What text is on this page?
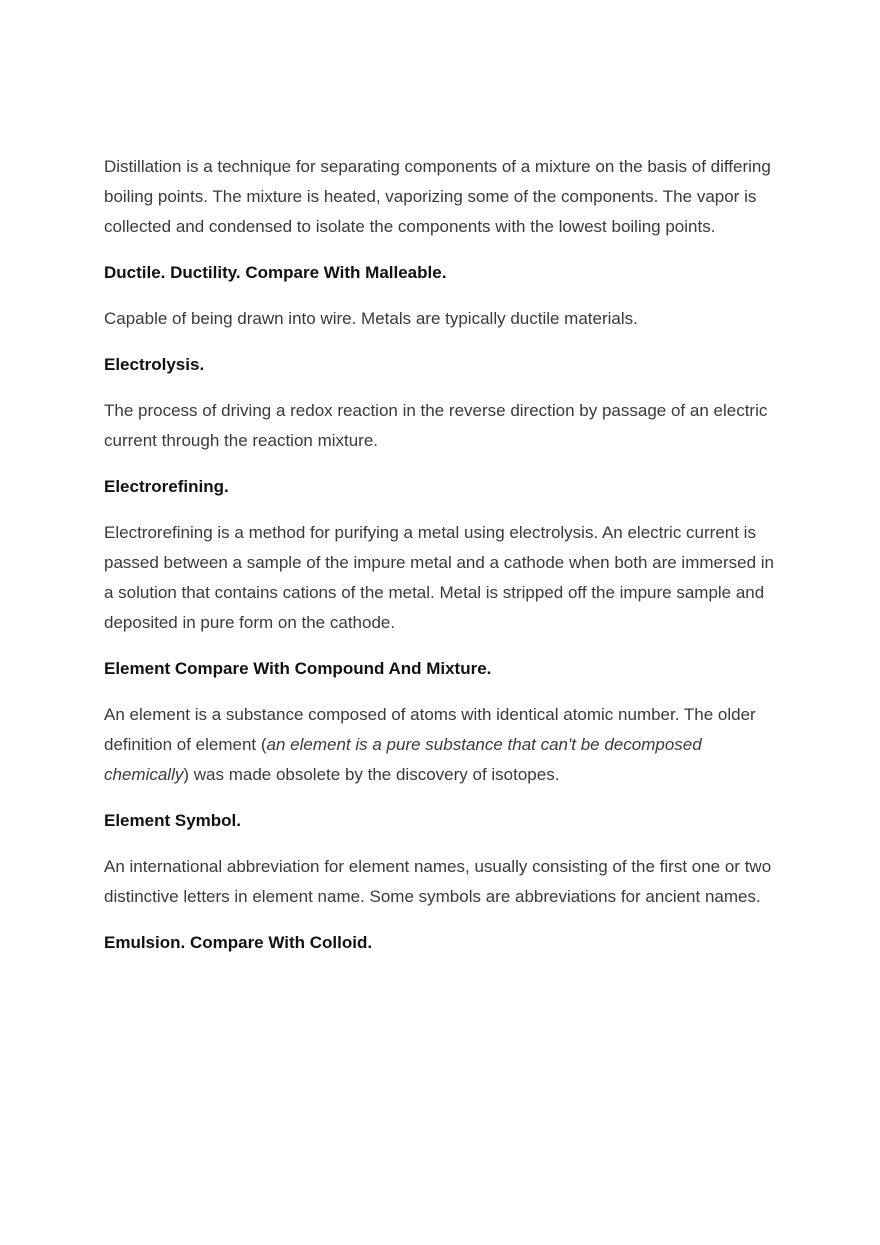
Distillation is a technique for separating components of a mixture on the basis of differing boiling points. The mixture is heated, vaporizing some of the components. The vapor is collected and condensed to isolate the components with the lowest boiling points.

Ductile. Ductility. Compare With Malleable.

Capable of being drawn into wire. Metals are typically ductile materials.

Electrolysis.

The process of driving a redox reaction in the reverse direction by passage of an electric current through the reaction mixture.

Electrorefining.

Electrorefining is a method for purifying a metal using electrolysis. An electric current is passed between a sample of the impure metal and a cathode when both are immersed in a solution that contains cations of the metal. Metal is stripped off the impure sample and deposited in pure form on the cathode.

Element Compare With Compound And Mixture.

An element is a substance composed of atoms with identical atomic number. The older definition of element (an element is a pure substance that can't be decomposed chemically) was made obsolete by the discovery of isotopes.

Element Symbol.

An international abbreviation for element names, usually consisting of the first one or two distinctive letters in element name. Some symbols are abbreviations for ancient names.

Emulsion. Compare With Colloid.
